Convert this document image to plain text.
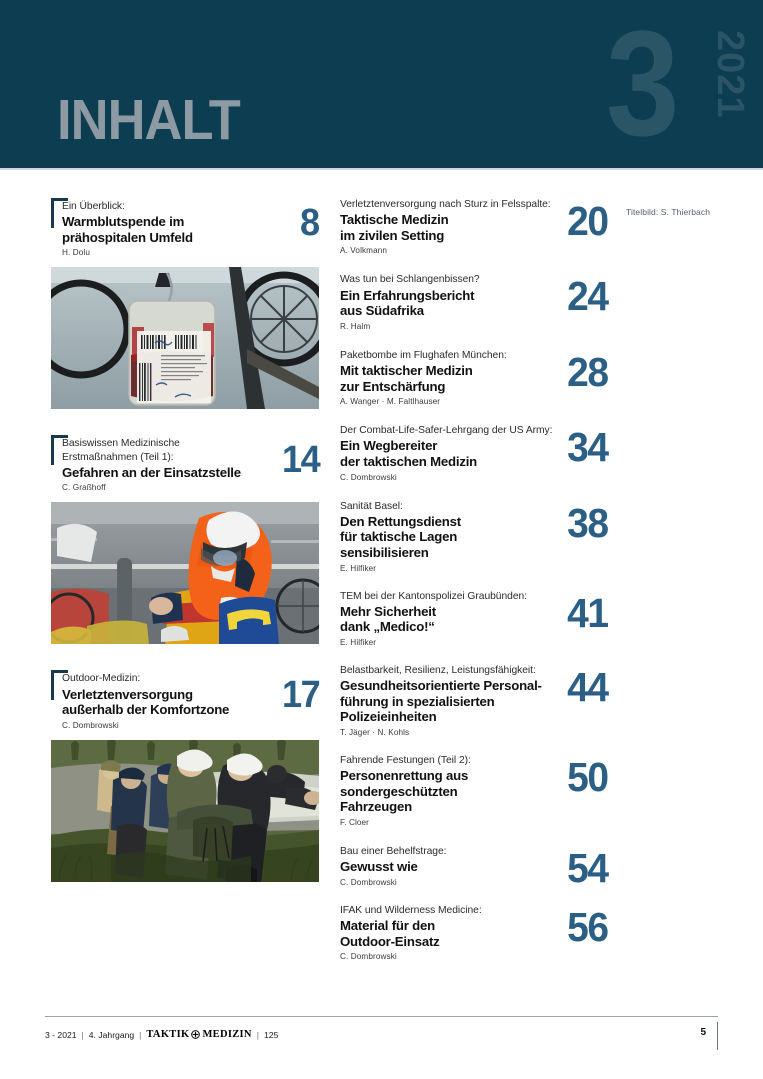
INHALT 3 2021
Titelbild: S. Thierbach
Ein Überblick:
Warmblutspende im
prähospitalen Umfeld
H. Dolu
8
Basiswissen Medizinische
Erstmaßnahmen (Teil 1):
Gefahren an der Einsatzstelle
C. Graßhoff
14
Outdoor-Medizin:
Verletztenversorgung
außerhalb der Komfortzone
C. Dombrowski
17
Verletztenversorgung nach Sturz in Felsspalte:
Taktische Medizin
im zivilen Setting
A. Volkmann
20
Was tun bei Schlangenbissen?
Ein Erfahrungsbericht
aus Südafrika
R. Halm
24
Paketbombe im Flughafen München:
Mit taktischer Medizin
zur Entschärfung
A. Wanger · M. Faltlhauser
28
Der Combat-Life-Safer-Lehrgang der US Army:
Ein Wegbereiter
der taktischen Medizin
C. Dombrowski
34
Sanität Basel:
Den Rettungsdienst
für taktische Lagen
sensibilisieren
E. Hilfiker
38
TEM bei der Kantonspolizei Graubünden:
Mehr Sicherheit
dank „Medico!“
E. Hilfiker
41
Belastbarkeit, Resilienz, Leistungsfähigkeit:
Gesundheitsorientierte Personal-
führung in spezialisierten
Polizeieinheiten
T. Jäger · N. Kohls
44
Fahrende Festungen (Teil 2):
Personenrettung aus
sondergeschützten
Fahrzeugen
F. Cloer
50
Bau einer Behelfstrage:
Gewusst wie
C. Dombrowski	54
IFAK und Wilderness Medicine:
Material für den
Outdoor-Einsatz
C. Dombrowski
56
3 - 2021 | 4. Jahrgang | TAKTIK MEDIZIN | 125	5
